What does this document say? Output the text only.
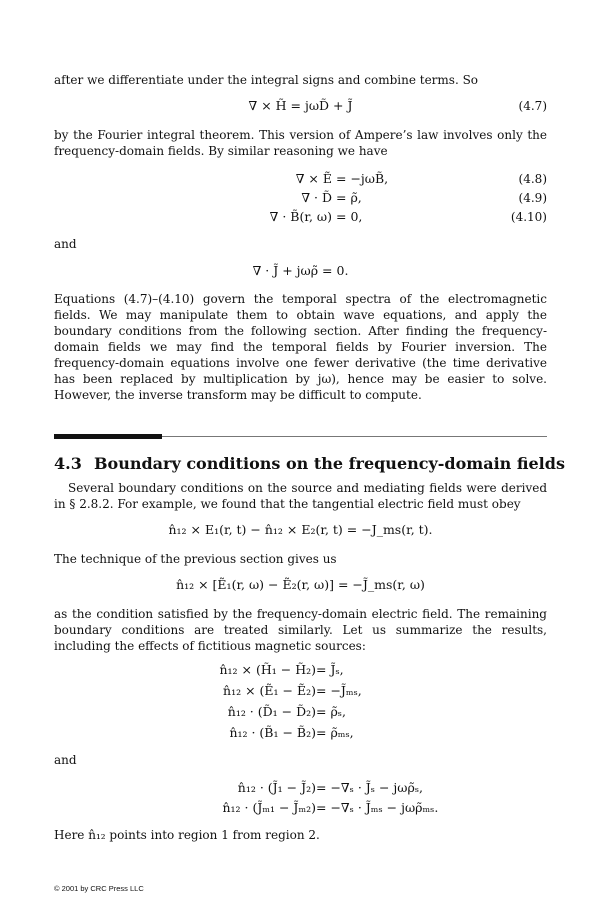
after we differentiate under the integral signs and combine terms. So

∇ × H̃ = jωD̃ + J̃	(4.7)

by the Fourier integral theorem. This version of Ampere’s law involves only the frequency-domain fields. By similar reasoning we have

∇ × Ẽ = −jωB̃,	(4.8)
∇ · D̃ = ρ̃,	(4.9)
∇ · B̃(r, ω) = 0,	(4.10)

and

∇ · J̃ + jωρ̃ = 0.

Equations (4.7)–(4.10) govern the temporal spectra of the electromagnetic fields. We may manipulate them to obtain wave equations, and apply the boundary conditions from the following section. After finding the frequency-domain fields we may find the temporal fields by Fourier inversion. The frequency-domain equations involve one fewer derivative (the time derivative has been replaced by multiplication by jω), hence may be easier to solve. However, the inverse transform may be difficult to compute.

4.3 Boundary conditions on the frequency-domain fields

Several boundary conditions on the source and mediating fields were derived in § 2.8.2. For example, we found that the tangential electric field must obey

n̂₁₂ × E₁(r, t) − n̂₁₂ × E₂(r, t) = −J_ms(r, t).

The technique of the previous section gives us

n̂₁₂ × [Ẽ₁(r, ω) − Ẽ₂(r, ω)] = −J̃_ms(r, ω)

as the condition satisfied by the frequency-domain electric field. The remaining boundary conditions are treated similarly. Let us summarize the results, including the effects of fictitious magnetic sources:

n̂₁₂ × (H̃₁ − H̃₂) = J̃ₛ,
n̂₁₂ × (Ẽ₁ − Ẽ₂) = −J̃ₘₛ,
n̂₁₂ · (D̃₁ − D̃₂) = ρ̃ₛ,
n̂₁₂ · (B̃₁ − B̃₂) = ρ̃ₘₛ,

and

n̂₁₂ · (J̃₁ − J̃₂) = −∇ₛ · J̃ₛ − jωρ̃ₛ,
n̂₁₂ · (J̃ₘ₁ − J̃ₘ₂) = −∇ₛ · J̃ₘₛ − jωρ̃ₘₛ.

Here n̂₁₂ points into region 1 from region 2.

© 2001 by CRC Press LLC
